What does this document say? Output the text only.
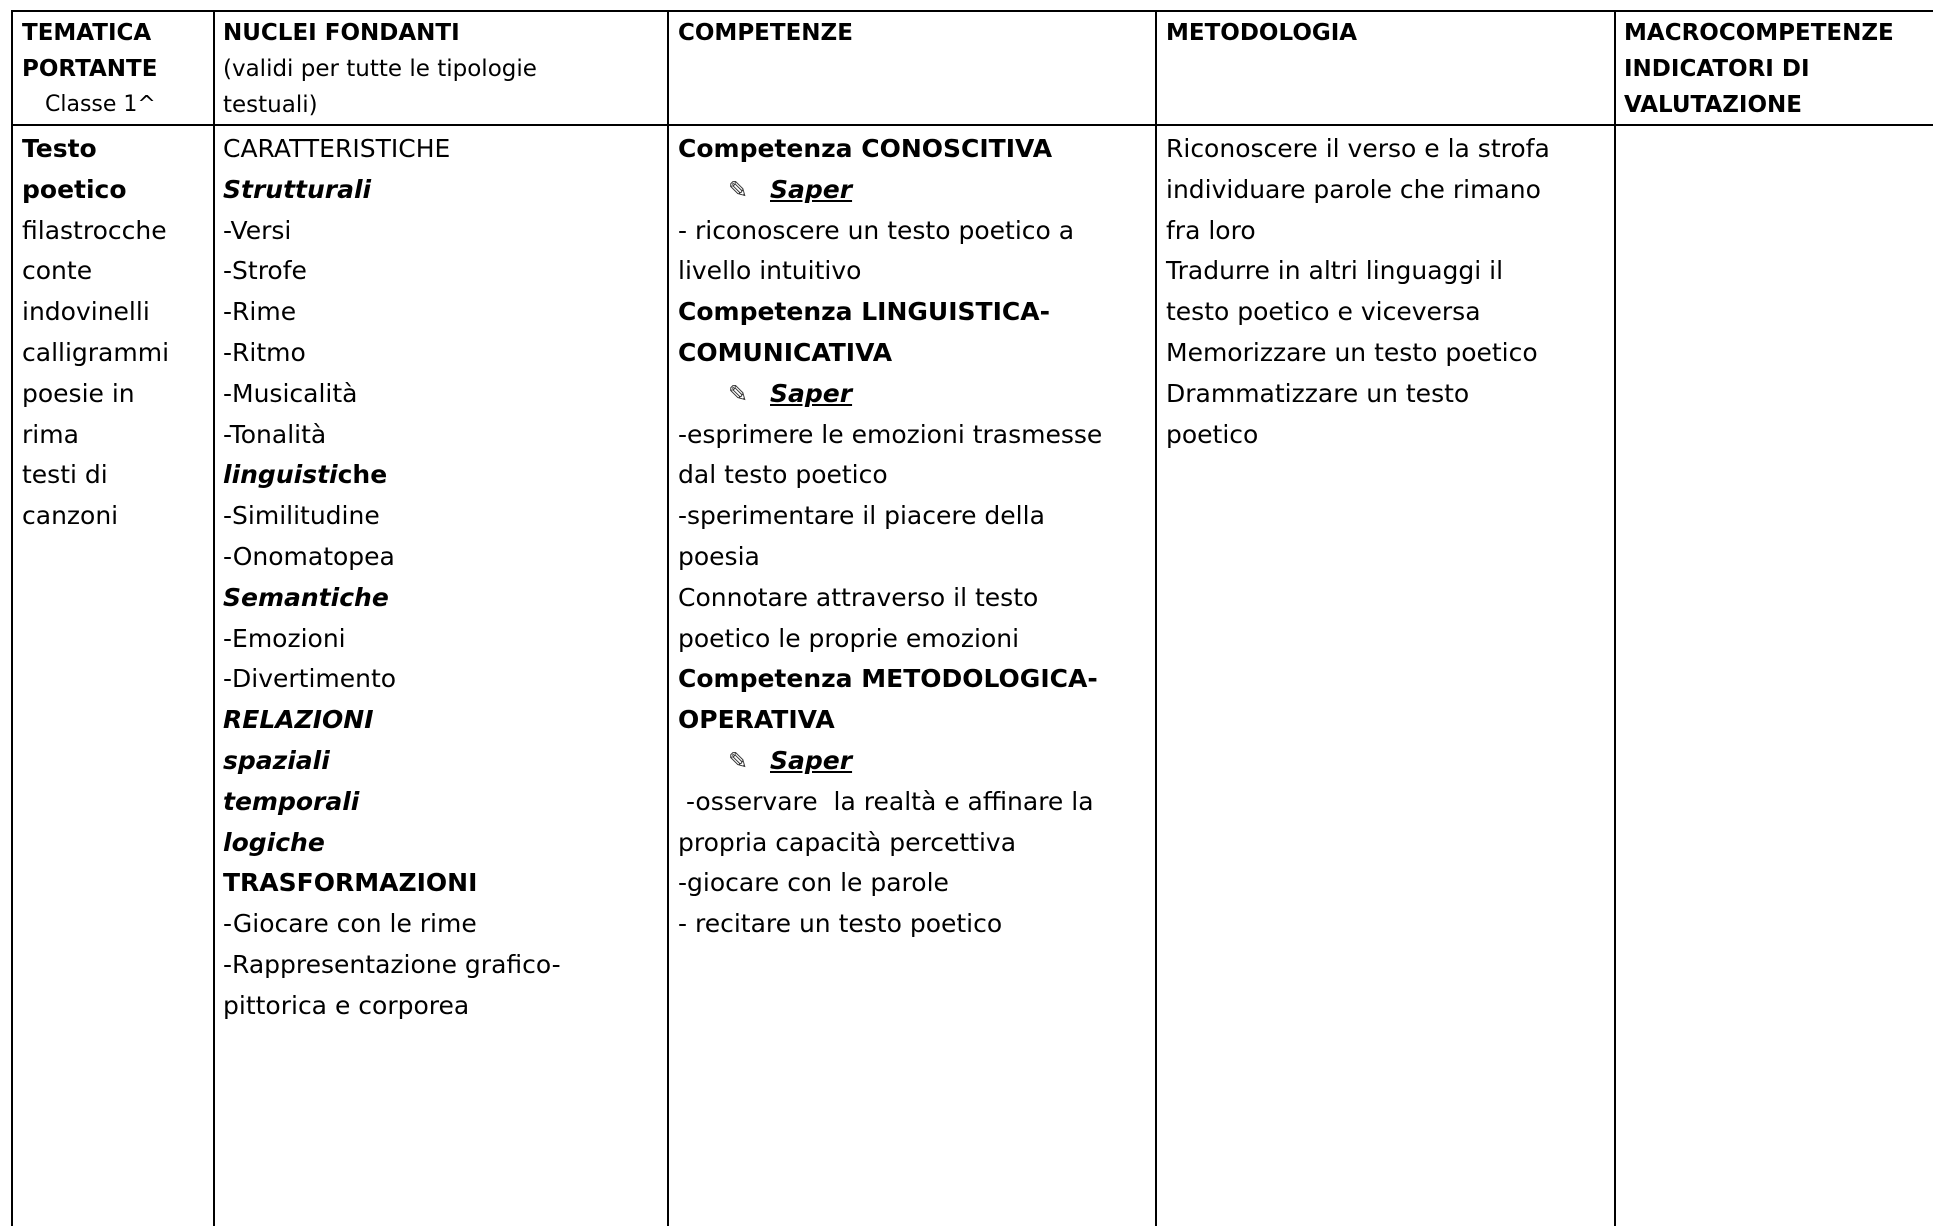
TEMATICA
PORTANTE
Classe 1^
NUCLEI FONDANTI
(validi per tutte le tipologie
testuali)
COMPETENZE	METODOLOGIA	MACROCOMPETENZE
INDICATORI DI
VALUTAZIONE
Testo
poetico
filastrocche
conte
indovinelli
calligrammi
poesie in
rima
testi di
canzoni
CARATTERISTICHE
Strutturali
-Versi
-Strofe
-Rime
-Ritmo
-Musicalità
-Tonalità
linguistiche
-Similitudine
-Onomatopea
Semantiche
-Emozioni
-Divertimento
RELAZIONI
spaziali
temporali
logiche
TRASFORMAZIONI
-Giocare con le rime
-Rappresentazione grafico-
pittorica e corporea
Competenza CONOSCITIVA
✎ Saper
- riconoscere un testo poetico a
livello intuitivo
Competenza LINGUISTICA-
COMUNICATIVA
✎ Saper
-esprimere le emozioni trasmesse
dal testo poetico
-sperimentare il piacere della
poesia
Connotare attraverso il testo
poetico le proprie emozioni
Competenza METODOLOGICA-
OPERATIVA
✎ Saper
-osservare  la realtà e affinare la
propria capacità percettiva
-giocare con le parole
- recitare un testo poetico
Riconoscere il verso e la strofa
individuare parole che rimano
fra loro
Tradurre in altri linguaggi il
testo poetico e viceversa
Memorizzare un testo poetico
Drammatizzare un testo
poetico
